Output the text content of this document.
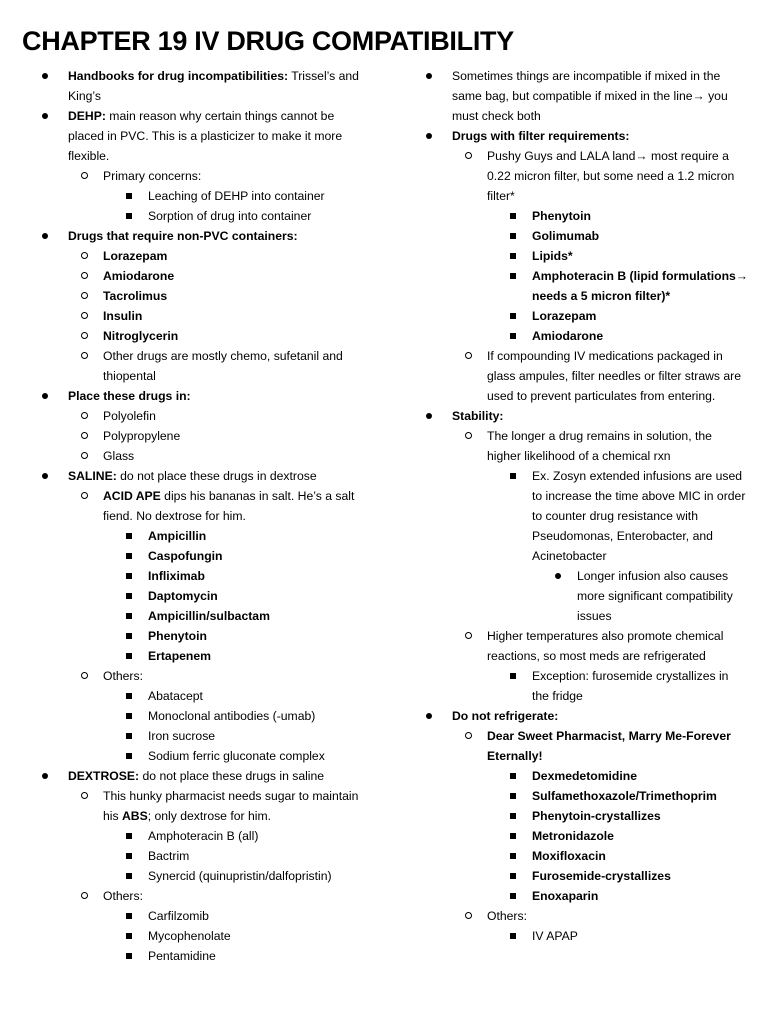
CHAPTER 19 IV DRUG COMPATIBILITY
Handbooks for drug incompatibilities: Trissel’s and King’s
DEHP: main reason why certain things cannot be placed in PVC. This is a plasticizer to make it more flexible.
Primary concerns:
Leaching of DEHP into container
Sorption of drug into container
Drugs that require non-PVC containers:
Lorazepam
Amiodarone
Tacrolimus
Insulin
Nitroglycerin
Other drugs are mostly chemo, sufetanil and thiopental
Place these drugs in:
Polyolefin
Polypropylene
Glass
SALINE: do not place these drugs in dextrose
ACID APE dips his bananas in salt. He’s a salt fiend. No dextrose for him.
Ampicillin
Caspofungin
Infliximab
Daptomycin
Ampicillin/sulbactam
Phenytoin
Ertapenem
Others:
Abatacept
Monoclonal antibodies (-umab)
Iron sucrose
Sodium ferric gluconate complex
DEXTROSE: do not place these drugs in saline
This hunky pharmacist needs sugar to maintain his ABS; only dextrose for him.
Amphoteracin B (all)
Bactrim
Synercid (quinupristin/dalfopristin)
Others:
Carfilzomib
Mycophenolate
Pentamidine
Sometimes things are incompatible if mixed in the same bag, but compatible if mixed in the line→ you must check both
Drugs with filter requirements:
Pushy Guys and LALA land→ most require a 0.22 micron filter, but some need a 1.2 micron filter*
Phenytoin
Golimumab
Lipids*
Amphoteracin B (lipid formulations→ needs a 5 micron filter)*
Lorazepam
Amiodarone
If compounding IV medications packaged in glass ampules, filter needles or filter straws are used to prevent particulates from entering.
Stability:
The longer a drug remains in solution, the higher likelihood of a chemical rxn
Ex. Zosyn extended infusions are used to increase the time above MIC in order to counter drug resistance with Pseudomonas, Enterobacter, and Acinetobacter
Longer infusion also causes more significant compatibility issues
Higher temperatures also promote chemical reactions, so most meds are refrigerated
Exception: furosemide crystallizes in the fridge
Do not refrigerate:
Dear Sweet Pharmacist, Marry Me-Forever Eternally!
Dexmedetomidine
Sulfamethoxazole/Trimethoprim
Phenytoin-crystallizes
Metronidazole
Moxifloxacin
Furosemide-crystallizes
Enoxaparin
Others:
IV APAP
